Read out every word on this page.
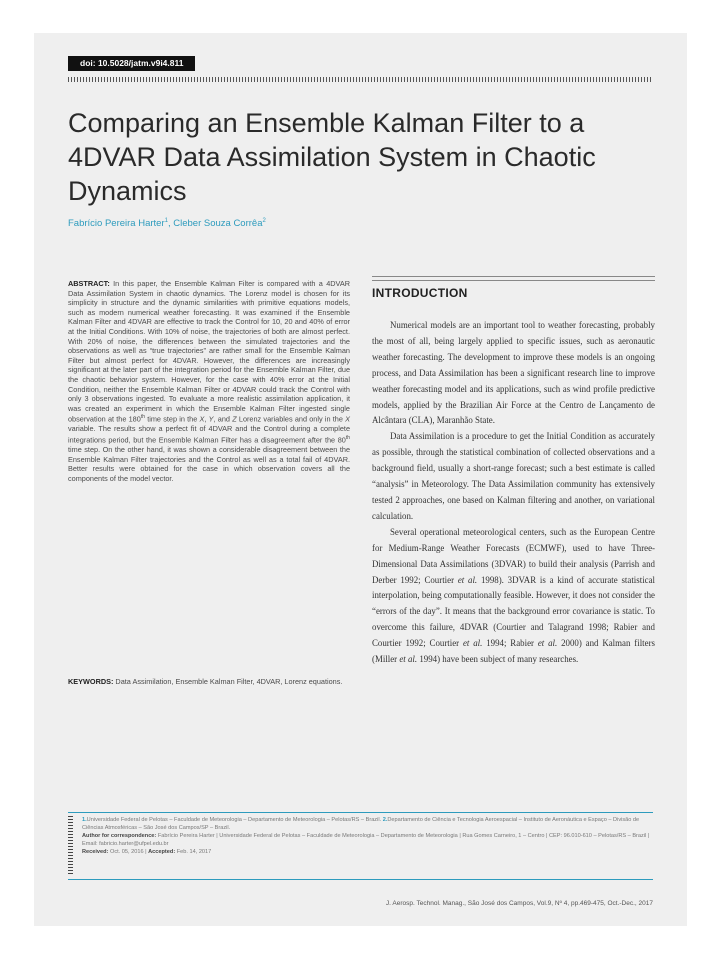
doi: 10.5028/jatm.v9i4.811
Comparing an Ensemble Kalman Filter to a 4DVAR Data Assimilation System in Chaotic Dynamics
Fabrício Pereira Harter$^1$, Cleber Souza Corrêa$^2$
ABSTRACT: In this paper, the Ensemble Kalman Filter is compared with a 4DVAR Data Assimilation System in chaotic dynamics. The Lorenz model is chosen for its simplicity in structure and the dynamic similarities with primitive equations models, such as modern numerical weather forecasting. It was examined if the Ensemble Kalman Filter and 4DVAR are effective to track the Control for 10, 20 and 40% of error at the Initial Conditions. With 10% of noise, the trajectories of both are almost perfect. With 20% of noise, the differences between the simulated trajectories and the observations as well as “true trajectories” are rather small for the Ensemble Kalman Filter but almost perfect for 4DVAR. However, the differences are increasingly significant at the later part of the integration period for the Ensemble Kalman Filter, due the chaotic behavior system. However, for the case with 40% error at the Initial Condition, neither the Ensemble Kalman Filter or 4DVAR could track the Control with only 3 observations ingested. To evaluate a more realistic assimilation application, it was created an experiment in which the Ensemble Kalman Filter ingested single observation at the 180th time step in the X, Y, and Z Lorenz variables and only in the X variable. The results show a perfect fit of 4DVAR and the Control during a complete integrations period, but the Ensemble Kalman Filter has a disagreement after the 80th time step. On the other hand, it was shown a considerable disagreement between the Ensemble Kalman Filter trajectories and the Control as well as a total fail of 4DVAR. Better results were obtained for the case in which observation covers all the components of the model vector.
KEYWORDS: Data Assimilation, Ensemble Kalman Filter, 4DVAR, Lorenz equations.
INTRODUCTION

Numerical models are an important tool to weather forecasting, probably the most of all, being largely applied to specific issues, such as aeronautic weather forecasting. The development to improve these models is an ongoing process, and Data Assimilation has been a significant research line to improve weather forecasting model and its applications, such as wind profile predictive models, applied by the Brazilian Air Force at the Centro de Lançamento de Alcântara (CLA), Maranhão State.

Data Assimilation is a procedure to get the Initial Condition as accurately as possible, through the statistical combination of collected observations and a background field, usually a short-range forecast; such a best estimate is called “analysis” in Meteorology. The Data Assimilation community has extensively tested 2 approaches, one based on Kalman filtering and another, on variational calculation.

Several operational meteorological centers, such as the European Centre for Medium-Range Weather Forecasts (ECMWF), used to have Three-Dimensional Data Assimilations (3DVAR) to build their analysis (Parrish and Derber 1992; Courtier et al. 1998). 3DVAR is a kind of accurate statistical interpolation, being computationally feasible. However, it does not consider the “errors of the day”. It means that the background error covariance is static. To overcome this failure, 4DVAR (Courtier and Talagrand 1998; Rabier and Courtier 1992; Courtier et al. 1994; Rabier et al. 2000) and Kalman filters (Miller et al. 1994) have been subject of many researches.

1.Universidade Federal de Pelotas – Faculdade de Meteorologia – Departamento de Meteorologia – Pelotas/RS – Brazil. 2.Departamento de Ciência e Tecnologia Aeroespacial – Instituto de Aeronáutica e Espaço – Divisão de Ciências Atmosféricas – São José dos Campos/SP – Brazil.
Author for correspondence: Fabrício Pereira Harter | Universidade Federal de Pelotas – Faculdade de Meteorologia – Departamento de Meteorologia | Rua Gomes Carneiro, 1 – Centro | CEP: 96.010-610 – Pelotas/RS – Brazil | Email: fabricio.harter@ufpel.edu.br
Received: Oct. 05, 2016 | Accepted: Feb. 14, 2017
J. Aerosp. Technol. Manag., São José dos Campos, Vol.9, Nº 4, pp.469-475, Oct.-Dec., 2017
